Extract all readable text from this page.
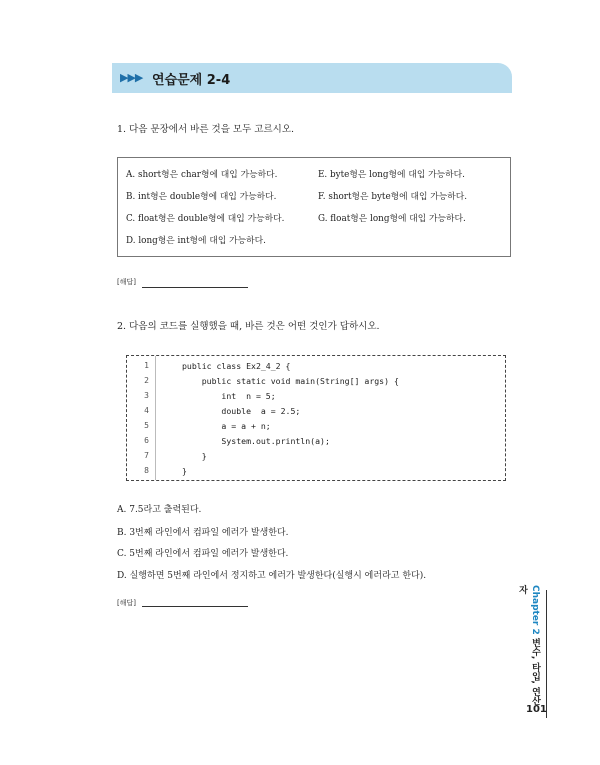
▶▶▶ 연습문제 2-4
1. 다음 문장에서 바른 것을 모두 고르시오.
A. short형은 char형에 대입 가능하다.
B. int형은 double형에 대입 가능하다.
C. float형은 double형에 대입 가능하다.
D. long형은 int형에 대입 가능하다.
E. byte형은 long형에 대입 가능하다.
F. short형은 byte형에 대입 가능하다.
G. float형은 long형에 대입 가능하다.
[해답]
2. 다음의 코드를 실행했을 때, 바른 것은 어떤 것인가 답하시오.
1
2
3
4
5
6
7
8
public class Ex2_4_2 {
public static void main(String[] args) {
int  n = 5;
double  a = 2.5;
a = a + n;
System.out.println(a);
}
}
A. 7.5라고 출력된다.
B. 3번째 라인에서 컴파일 에러가 발생한다.
C. 5번째 라인에서 컴파일 에러가 발생한다.
D. 실행하면 5번째 라인에서 정지하고 에러가 발생한다(실행시 에러라고 한다).
[해답]	Chapter 2 변수, 타입, 연산자
101
